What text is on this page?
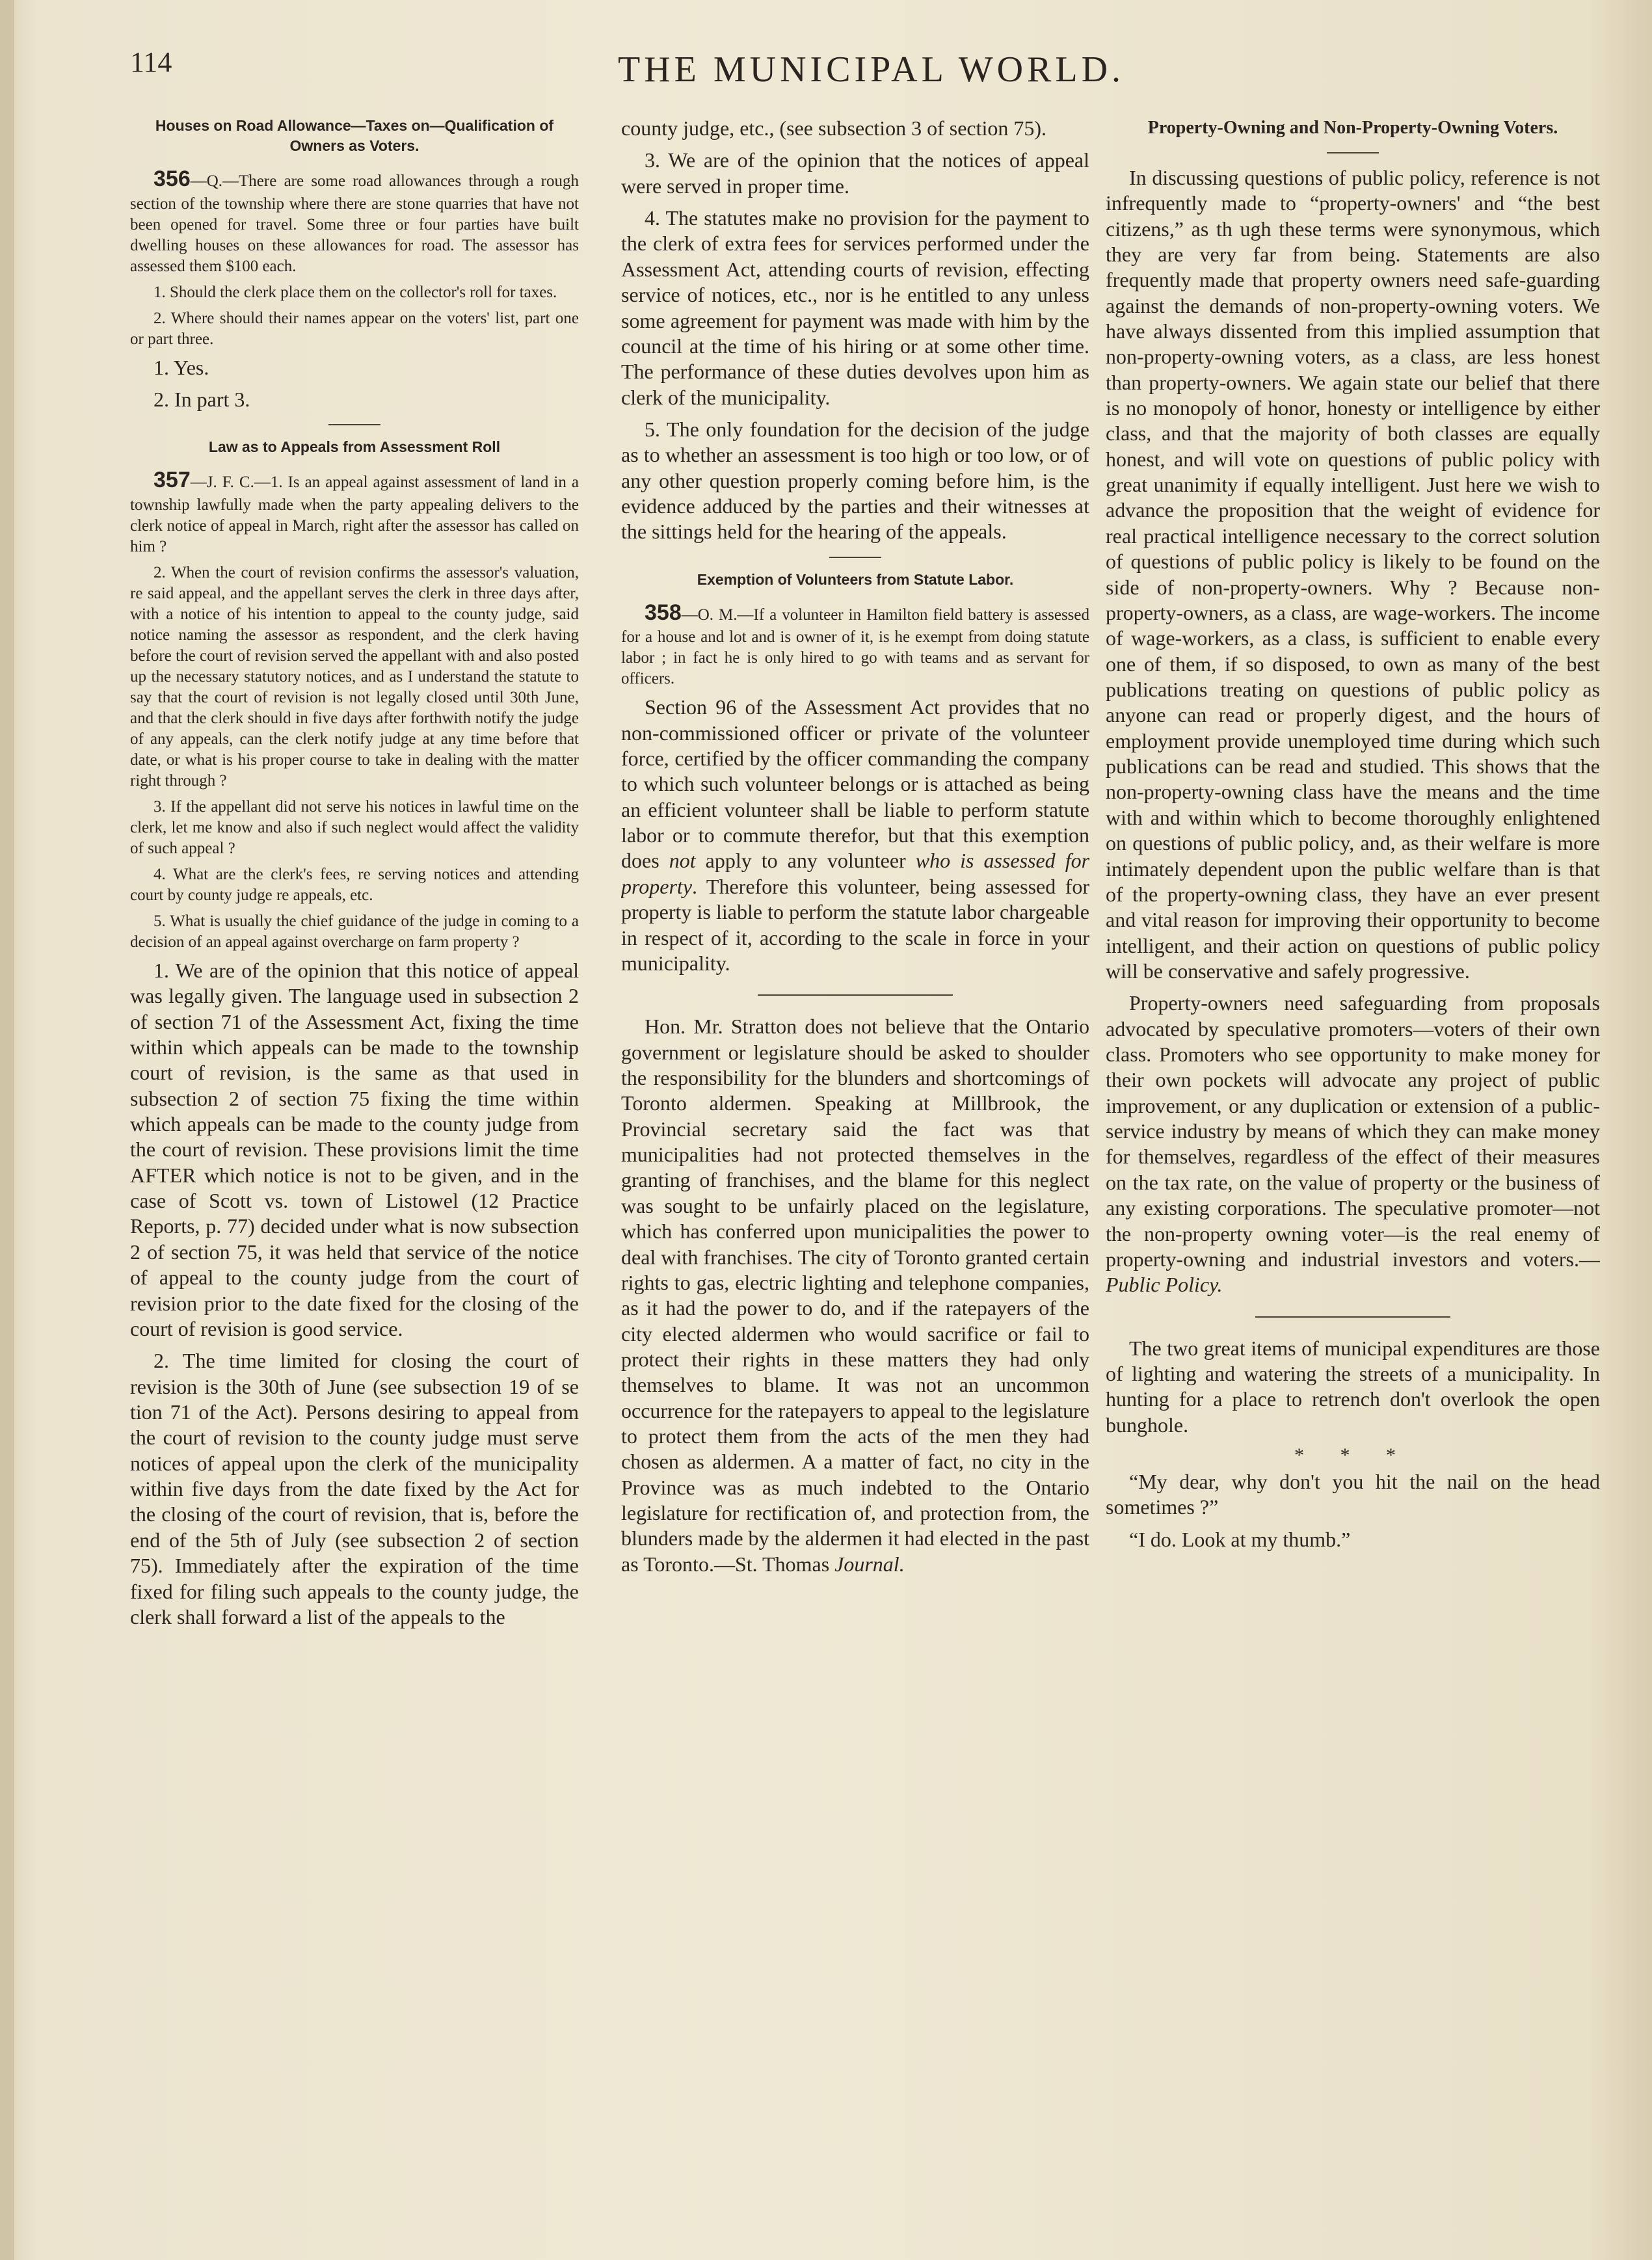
114	THE MUNICIPAL WORLD.
Houses on Road Allowance—Taxes on—Qualification of Owners as Voters.

356—Q.—There are some road allowances through a rough section of the township where there are stone quarries that have not been opened for travel. Some three or four parties have built dwelling houses on these allowances for road. The assessor has assessed them $100 each.

1. Should the clerk place them on the collector's roll for taxes.

2. Where should their names appear on the voters' list, part one or part three.

1. Yes.

2. In part 3.

Law as to Appeals from Assessment Roll

357—J. F. C.—1. Is an appeal against assessment of land in a township lawfully made when the party appealing delivers to the clerk notice of appeal in March, right after the assessor has called on him ?

2. When the court of revision confirms the assessor's valuation, re said appeal, and the appellant serves the clerk in three days after, with a notice of his intention to appeal to the county judge, said notice naming the assessor as respondent, and the clerk having before the court of revision served the appellant with and also posted up the necessary statutory notices, and as I understand the statute to say that the court of revision is not legally closed until 30th June, and that the clerk should in five days after forthwith notify the judge of any appeals, can the clerk notify judge at any time before that date, or what is his proper course to take in dealing with the matter right through ?

3. If the appellant did not serve his notices in lawful time on the clerk, let me know and also if such neglect would affect the validity of such appeal ?

4. What are the clerk's fees, re serving notices and attending court by county judge re appeals, etc.

5. What is usually the chief guidance of the judge in coming to a decision of an appeal against overcharge on farm property ?

1. We are of the opinion that this notice of appeal was legally given. The language used in subsection 2 of section 71 of the Assessment Act, fixing the time within which appeals can be made to the township court of revision, is the same as that used in subsection 2 of section 75 fixing the time within which appeals can be made to the county judge from the court of revision. These provisions limit the time AFTER which notice is not to be given, and in the case of Scott vs. town of Listowel (12 Practice Reports, p. 77) decided under what is now subsection 2 of section 75, it was held that service of the notice of appeal to the county judge from the court of revision prior to the date fixed for the closing of the court of revision is good service.

2. The time limited for closing the court of revision is the 30th of June (see subsection 19 of se tion 71 of the Act). Persons desiring to appeal from the court of revision to the county judge must serve notices of appeal upon the clerk of the municipality within five days from the date fixed by the Act for the closing of the court of revision, that is, before the end of the 5th of July (see subsection 2 of section 75). Immediately after the expiration of the time fixed for filing such appeals to the county judge, the clerk shall forward a list of the appeals to the

county judge, etc., (see subsection 3 of section 75).

3. We are of the opinion that the notices of appeal were served in proper time.

4. The statutes make no provision for the payment to the clerk of extra fees for services performed under the Assessment Act, attending courts of revision, effecting service of notices, etc., nor is he entitled to any unless some agreement for payment was made with him by the council at the time of his hiring or at some other time. The performance of these duties devolves upon him as clerk of the municipality.

5. The only foundation for the decision of the judge as to whether an assessment is too high or too low, or of any other question properly coming before him, is the evidence adduced by the parties and their witnesses at the sittings held for the hearing of the appeals.

Exemption of Volunteers from Statute Labor.

358—O. M.—If a volunteer in Hamilton field battery is assessed for a house and lot and is owner of it, is he exempt from doing statute labor ; in fact he is only hired to go with teams and as servant for officers.

Section 96 of the Assessment Act provides that no non-commissioned officer or private of the volunteer force, certified by the officer commanding the company to which such volunteer belongs or is attached as being an efficient volunteer shall be liable to perform statute labor or to commute therefor, but that this exemption does not apply to any volunteer who is assessed for property. Therefore this volunteer, being assessed for property is liable to perform the statute labor chargeable in respect of it, according to the scale in force in your municipality.

Hon. Mr. Stratton does not believe that the Ontario government or legislature should be asked to shoulder the responsibility for the blunders and shortcomings of Toronto aldermen. Speaking at Millbrook, the Provincial secretary said the fact was that municipalities had not protected themselves in the granting of franchises, and the blame for this neglect was sought to be unfairly placed on the legislature, which has conferred upon municipalities the power to deal with franchises. The city of Toronto granted certain rights to gas, electric lighting and telephone companies, as it had the power to do, and if the ratepayers of the city elected aldermen who would sacrifice or fail to protect their rights in these matters they had only themselves to blame. It was not an uncommon occurrence for the ratepayers to appeal to the legislature to protect them from the acts of the men they had chosen as aldermen. A a matter of fact, no city in the Province was as much indebted to the Ontario legislature for rectification of, and protection from, the blunders made by the aldermen it had elected in the past as Toronto.—St. Thomas Journal.

Property-Owning and Non-Property-Owning Voters.

In discussing questions of public policy, reference is not infrequently made to “property-owners' and “the best citizens,” as th ugh these terms were synonymous, which they are very far from being. Statements are also frequently made that property owners need safe-guarding against the demands of non-property-owning voters. We have always dissented from this implied assumption that non-property-owning voters, as a class, are less honest than property-owners. We again state our belief that there is no monopoly of honor, honesty or intelligence by either class, and that the majority of both classes are equally honest, and will vote on questions of public policy with great unanimity if equally intelligent. Just here we wish to advance the proposition that the weight of evidence for real practical intelligence necessary to the correct solution of questions of public policy is likely to be found on the side of non-property-owners. Why ? Because non-property-owners, as a class, are wage-workers. The income of wage-workers, as a class, is sufficient to enable every one of them, if so disposed, to own as many of the best publications treating on questions of public policy as anyone can read or properly digest, and the hours of employment provide unemployed time during which such publications can be read and studied. This shows that the non-property-owning class have the means and the time with and within which to become thoroughly enlightened on questions of public policy, and, as their welfare is more intimately dependent upon the public welfare than is that of the property-owning class, they have an ever present and vital reason for improving their opportunity to become intelligent, and their action on questions of public policy will be conservative and safely progressive.

Property-owners need safeguarding from proposals advocated by speculative promoters—voters of their own class. Promoters who see opportunity to make money for their own pockets will advocate any project of public improvement, or any duplication or extension of a public-service industry by means of which they can make money for themselves, regardless of the effect of their measures on the tax rate, on the value of property or the business of any existing corporations. The speculative promoter—not the non-property owning voter—is the real enemy of property-owning and industrial investors and voters.—Public Policy.

The two great items of municipal expenditures are those of lighting and watering the streets of a municipality. In hunting for a place to retrench don't overlook the open bunghole.

* * *

“My dear, why don't you hit the nail on the head sometimes ?”

“I do. Look at my thumb.”
